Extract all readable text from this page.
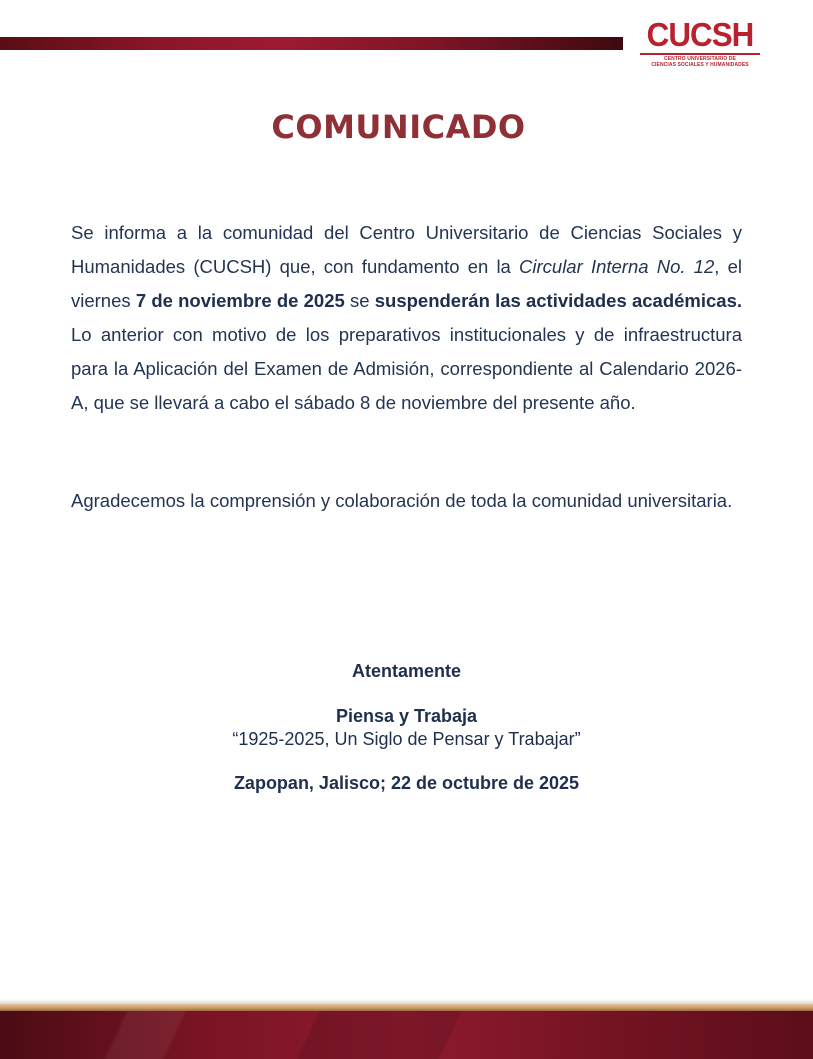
CUCSH
CENTRO UNIVERSITARIO DE
CIENCIAS SOCIALES Y HUMANIDADES
COMUNICADO

Se informa a la comunidad del Centro Universitario de Ciencias Sociales y Humanidades (CUCSH) que, con fundamento en la Circular Interna No. 12, el viernes 7 de noviembre de 2025 se suspenderán las actividades académicas. Lo anterior con motivo de los preparativos institucionales y de infraestructura para la Aplicación del Examen de Admisión, correspondiente al Calendario 2026-A, que se llevará a cabo el sábado 8 de noviembre del presente año.

Agradecemos la comprensión y colaboración de toda la comunidad universitaria.

Atentamente
Piensa y Trabaja
“1925-2025, Un Siglo de Pensar y Trabajar”
Zapopan, Jalisco; 22 de octubre de 2025
